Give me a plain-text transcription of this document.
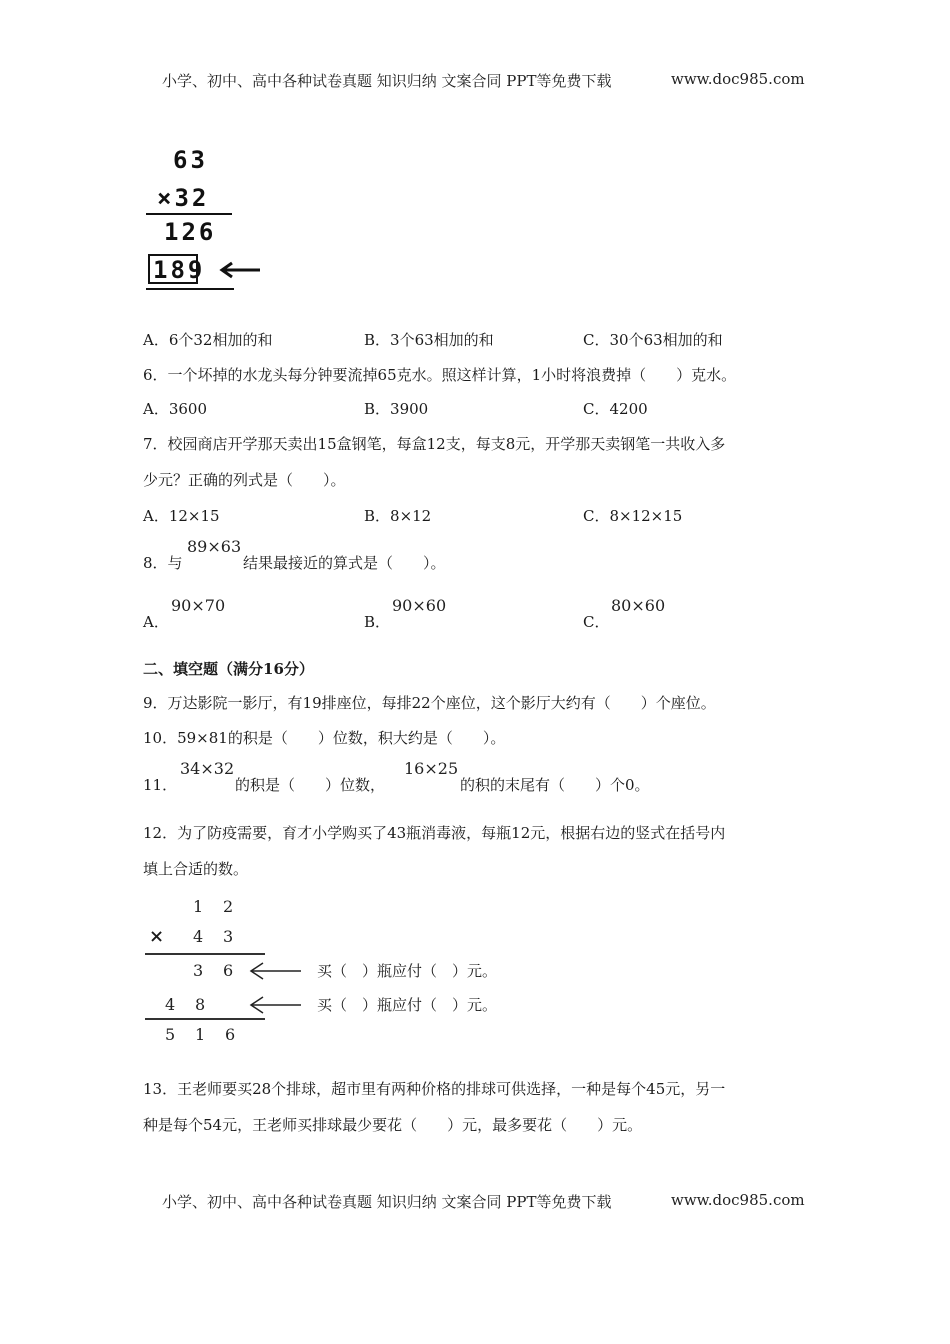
小学、初中、高中各种试卷真题 知识归纳 文案合同 PPT等免费下载	www.doc985.com
63
×32
126
189
A．6个32相加的和	B．3个63相加的和	C．30个63相加的和
6．一个坏掉的水龙头每分钟要流掉65克水。照这样计算，1小时将浪费掉（　　）克水。
A．3600	B．3900	C．4200
7．校园商店开学那天卖出15盒钢笔，每盒12支，每支8元，开学那天卖钢笔一共收入多
少元？正确的列式是（　　）。
A．12×15	B．8×12	C．8×12×15
8．与
89×63
结果最接近的算式是（　　）。
A．
90×70
B．
90×60
C．
80×60
二、填空题（满分16分）
9．万达影院一影厅，有19排座位，每排22个座位，这个影厅大约有（　　）个座位。
10．59×81的积是（　　）位数，积大约是（　　）。
11．
34×32
的积是（　　）位数，
16×25
的积的末尾有（　　）个0。
12．为了防疫需要，育才小学购买了43瓶消毒液，每瓶12元，根据右边的竖式在括号内
填上合适的数。
1 2
× 4 3
3 6	买（　）瓶应付（　）元。
4 8	买（　）瓶应付（　）元。
5 1 6
13．王老师要买28个排球，超市里有两种价格的排球可供选择，一种是每个45元，另一
种是每个54元，王老师买排球最少要花（　　）元，最多要花（　　）元。
小学、初中、高中各种试卷真题 知识归纳 文案合同 PPT等免费下载	www.doc985.com
